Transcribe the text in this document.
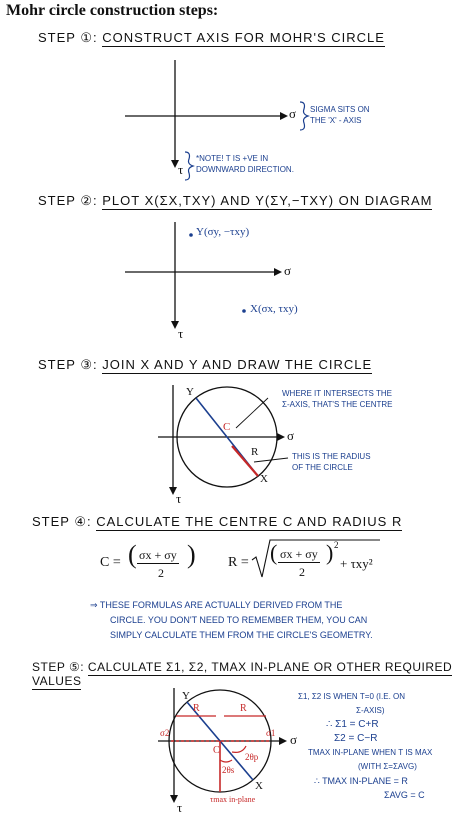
Mohr circle construction steps:
STEP ①: CONSTRUCT AXIS FOR MOHR'S CIRCLE
σ
τ
SIGMA SITS ON
THE 'X' - AXIS
*NOTE! Τ IS +VE IN
DOWNWARD DIRECTION.
STEP ②: PLOT X(ΣX,ΤXY) AND Y(ΣY,−ΤXY) ON DIAGRAM
Y(σy, −τxy)
X(σx, τxy)
σ
τ
STEP ③: JOIN X AND Y AND DRAW THE CIRCLE
Y
X
C
R
σ
τ
WHERE IT INTERSECTS THE
Σ-AXIS, THAT'S THE CENTRE
THIS IS THE RADIUS
OF THE CIRCLE
STEP ④: CALCULATE THE CENTRE C AND RADIUS R
C = ( σx + σy
2
) R = ( σx + σy
2
) 2
+ τxy²
⇒ THESE FORMULAS ARE ACTUALLY DERIVED FROM THE
CIRCLE. YOU DON'T NEED TO REMEMBER THEM, YOU CAN
SIMPLY CALCULATE THEM FROM THE CIRCLE'S GEOMETRY.
STEP ⑤: CALCULATE Σ1, Σ2, ΤMAX IN-PLANE OR OTHER REQUIRED VALUES
Y
X
C
R	R
σ2	σ1
2θp
2θs
τmax in-plane
σ
τ
Σ1, Σ2 IS WHEN Τ=0 (I.E. ON
Σ-AXIS)
∴ Σ1 = C+R
Σ2 = C−R
ΤMAX IN-PLANE WHEN Τ IS MAX
(WITH Σ=ΣAVG)
∴ ΤMAX IN-PLANE = R
ΣAVG = C
